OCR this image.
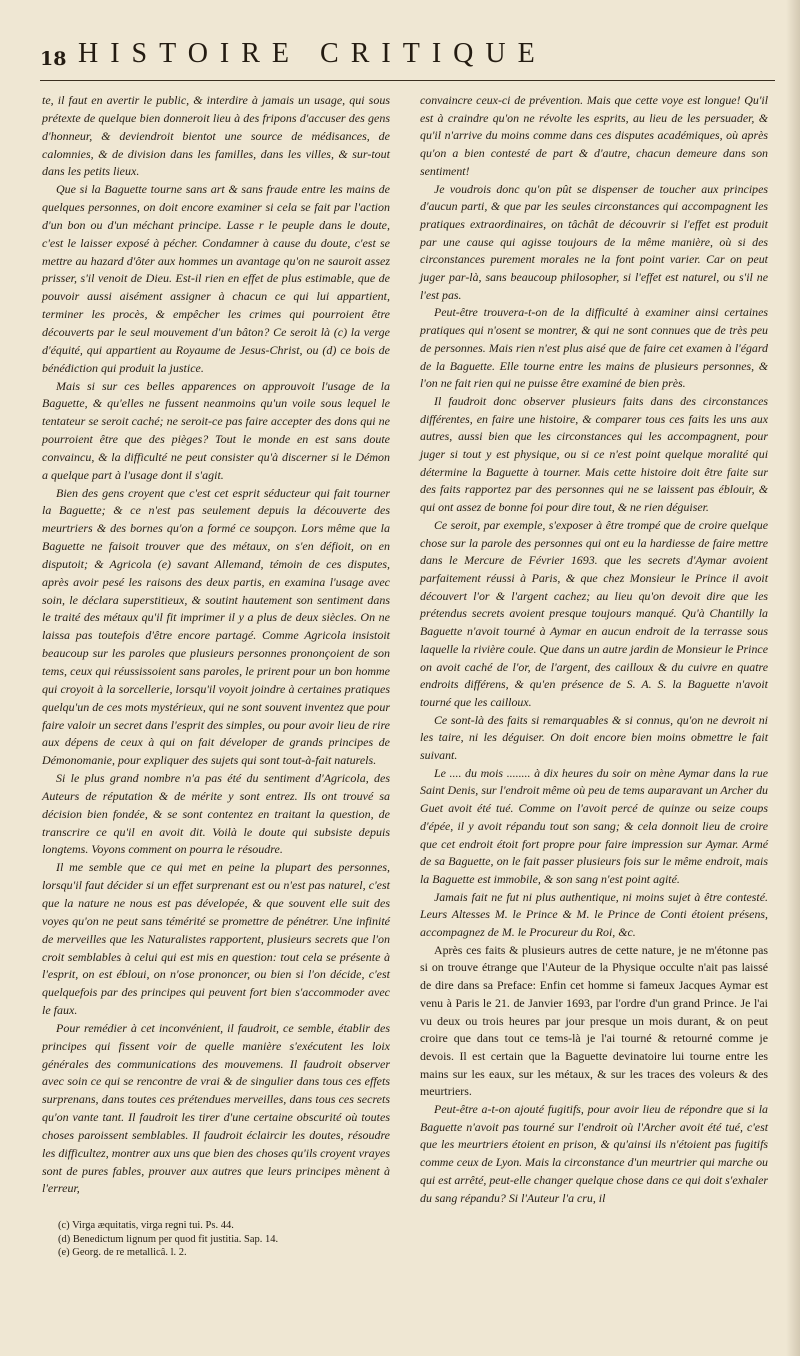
18 HISTOIRE CRITIQUE

te, il faut en avertir le public, & interdire à jamais un usage, qui sous prétexte de quelque bien donneroit lieu à des fripons d'accuser des gens d'honneur, & deviendroit bientot une source de médisances, de calomnies, & de division dans les familles, dans les villes, & sur-tout dans les petits lieux.

Que si la Baguette tourne sans art & sans fraude entre les mains de quelques personnes, on doit encore examiner si cela se fait par l'action d'un bon ou d'un méchant principe. Lasse r le peuple dans le doute, c'est le laisser exposé à pécher. Condamner à cause du doute, c'est se mettre au hazard d'ôter aux hommes un avantage qu'on ne sauroit assez prisser, s'il venoit de Dieu. Est-il rien en effet de plus estimable, que de pouvoir aussi aisément assigner à chacun ce qui lui appartient, terminer les procès, & empêcher les crimes qui pourroient être découverts par le seul mouvement d'un bâton? Ce seroit là (c) la verge d'équité, qui appartient au Royaume de Jesus-Christ, ou (d) ce bois de bénédiction qui produit la justice.

Mais si sur ces belles apparences on approuvoit l'usage de la Baguette, & qu'elles ne fussent neanmoins qu'un voile sous lequel le tentateur se seroit caché; ne seroit-ce pas faire accepter des dons qui ne pourroient être que des pièges? Tout le monde en est sans doute convaincu, & la difficulté ne peut consister qu'à discerner si le Démon a quelque part à l'usage dont il s'agit.

Bien des gens croyent que c'est cet esprit séducteur qui fait tourner la Baguette; & ce n'est pas seulement depuis la découverte des meurtriers & des bornes qu'on a formé ce soupçon. Lors même que la Baguette ne faisoit trouver que des métaux, on s'en défioit, on en disputoit; & Agricola (e) savant Allemand, témoin de ces disputes, après avoir pesé les raisons des deux partis, en examina l'usage avec soin, le déclara superstitieux, & soutint hautement son sentiment dans le traité des métaux qu'il fit imprimer il y a plus de deux siècles. On ne laissa pas toutefois d'être encore partagé. Comme Agricola insistoit beaucoup sur les paroles que plusieurs personnes prononçoient de son tems, ceux qui réussissoient sans paroles, le prirent pour un bon homme qui croyoit à la sorcellerie, lorsqu'il voyoit joindre à certaines pratiques quelqu'un de ces mots mystérieux, qui ne sont souvent inventez que pour faire valoir un secret dans l'esprit des simples, ou pour avoir lieu de rire aux dépens de ceux à qui on fait déveloper de grands principes de Démonomanie, pour expliquer des sujets qui sont tout-à-fait naturels.

Si le plus grand nombre n'a pas été du sentiment d'Agricola, des Auteurs de réputation & de mérite y sont entrez. Ils ont trouvé sa décision bien fondée, & se sont contentez en traitant la question, de transcrire ce qu'il en avoit dit. Voilà le doute qui subsiste depuis longtems. Voyons comment on pourra le résoudre.

Il me semble que ce qui met en peine la plupart des personnes, lorsqu'il faut décider si un effet surprenant est ou n'est pas naturel, c'est que la nature ne nous est pas dévelopée, & que souvent elle suit des voyes qu'on ne peut sans témérité se promettre de pénétrer. Une infinité de merveilles que les Naturalistes rapportent, plusieurs secrets que l'on croit semblables à celui qui est mis en question: tout cela se présente à l'esprit, on est ébloui, on n'ose prononcer, ou bien si l'on décide, c'est quelquefois par des principes qui peuvent fort bien s'accommoder avec le faux.

Pour remédier à cet inconvénient, il faudroit, ce semble, établir des principes qui fissent voir de quelle manière s'exécutent les loix générales des communications des mouvemens. Il faudroit observer avec soin ce qui se rencontre de vrai & de singulier dans tous ces effets surprenans, dans toutes ces prétendues merveilles, dans tous ces secrets qu'on vante tant. Il faudroit les tirer d'une certaine obscurité où toutes choses paroissent semblables. Il faudroit éclaircir les doutes, résoudre les difficultez, montrer aux uns que bien des choses qu'ils croyent vrayes sont de pures fables, prouver aux autres que leurs principes mènent à l'erreur,

convaincre ceux-ci de prévention. Mais que cette voye est longue! Qu'il est à craindre qu'on ne révolte les esprits, au lieu de les persuader, & qu'il n'arrive du moins comme dans ces disputes académiques, où après qu'on a bien contesté de part & d'autre, chacun demeure dans son sentiment!

Je voudrois donc qu'on pût se dispenser de toucher aux principes d'aucun parti, & que par les seules circonstances qui accompagnent les pratiques extraordinaires, on tâchât de découvrir si l'effet est produit par une cause qui agisse toujours de la même manière, où si des circonstances purement morales ne la font point varier. Car on peut juger par-là, sans beaucoup philosopher, si l'effet est naturel, ou s'il ne l'est pas.

Peut-être trouvera-t-on de la difficulté à examiner ainsi certaines pratiques qui n'osent se montrer, & qui ne sont connues que de très peu de personnes. Mais rien n'est plus aisé que de faire cet examen à l'égard de la Baguette. Elle tourne entre les mains de plusieurs personnes, & l'on ne fait rien qui ne puisse être examiné de bien près.

Il faudroit donc observer plusieurs faits dans des circonstances différentes, en faire une histoire, & comparer tous ces faits les uns aux autres, aussi bien que les circonstances qui les accompagnent, pour juger si tout y est physique, ou si ce n'est point quelque moralité qui détermine la Baguette à tourner. Mais cette histoire doit être faite sur des faits rapportez par des personnes qui ne se laissent pas éblouir, & qui ont assez de bonne foi pour dire tout, & ne rien déguiser.

Ce seroit, par exemple, s'exposer à être trompé que de croire quelque chose sur la parole des personnes qui ont eu la hardiesse de faire mettre dans le Mercure de Février 1693. que les secrets d'Aymar avoient parfaitement réussi à Paris, & que chez Monsieur le Prince il avoit découvert l'or & l'argent cachez; au lieu qu'on devoit dire que les prétendus secrets avoient presque toujours manqué. Qu'à Chantilly la Baguette n'avoit tourné à Aymar en aucun endroit de la terrasse sous laquelle la rivière coule. Que dans un autre jardin de Monsieur le Prince on avoit caché de l'or, de l'argent, des cailloux & du cuivre en quatre endroits différens, & qu'en présence de S. A. S. la Baguette n'avoit tourné que les cailloux.

Ce sont-là des faits si remarquables & si connus, qu'on ne devroit ni les taire, ni les déguiser. On doit encore bien moins obmettre le fait suivant.

Le .... du mois ........ à dix heures du soir on mène Aymar dans la rue Saint Denis, sur l'endroit même où peu de tems auparavant un Archer du Guet avoit été tué. Comme on l'avoit percé de quinze ou seize coups d'épée, il y avoit répandu tout son sang; & cela donnoit lieu de croire que cet endroit étoit fort propre pour faire impression sur Aymar. Armé de sa Baguette, on le fait passer plusieurs fois sur le même endroit, mais la Baguette est immobile, & son sang n'est point agité.

Jamais fait ne fut ni plus authentique, ni moins sujet à être contesté. Leurs Altesses M. le Prince & M. le Prince de Conti étoient présens, accompagnez de M. le Procureur du Roi, &c.

Après ces faits & plusieurs autres de cette nature, je ne m'étonne pas si on trouve étrange que l'Auteur de la Physique occulte n'ait pas laissé de dire dans sa Preface: Enfin cet homme si fameux Jacques Aymar est venu à Paris le 21. de Janvier 1693, par l'ordre d'un grand Prince. Je l'ai vu deux ou trois heures par jour presque un mois durant, & on peut croire que dans tout ce tems-là je l'ai tourné & retourné comme je devois. Il est certain que la Baguette devinatoire lui tourne entre les mains sur les eaux, sur les métaux, & sur les traces des voleurs & des meurtriers.

Peut-être a-t-on ajouté fugitifs, pour avoir lieu de répondre que si la Baguette n'avoit pas tourné sur l'endroit où l'Archer avoit été tué, c'est que les meurtriers étoient en prison, & qu'ainsi ils n'étoient pas fugitifs comme ceux de Lyon. Mais la circonstance d'un meurtrier qui marche ou qui est arrêté, peut-elle changer quelque chose dans ce qui doit s'exhaler du sang répandu? Si l'Auteur l'a cru, il

(c) Virga æquitatis, virga regni tui. Ps. 44.
(d) Benedictum lignum per quod fit justitia. Sap. 14.
(e) Georg. de re metallicâ. l. 2.
